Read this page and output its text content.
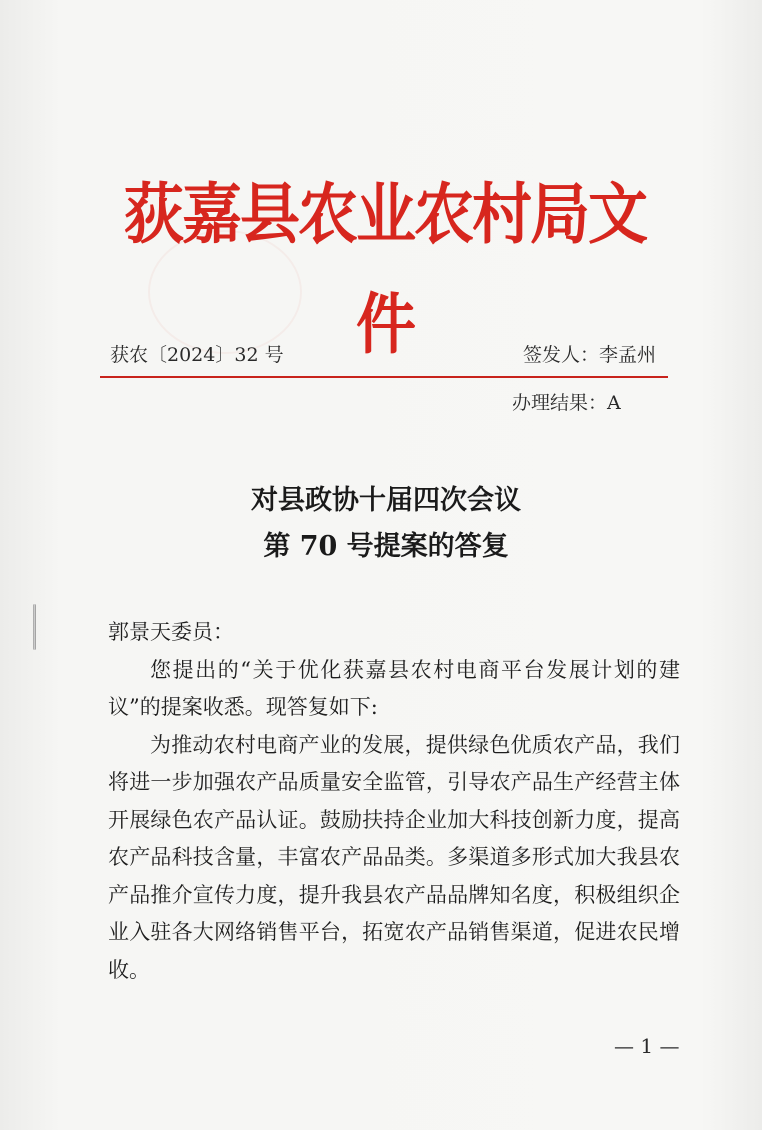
荻嘉县农业农村局文件
获农〔2024〕32 号	签发人：李孟州
办理结果：A
对县政协十届四次会议
第 70 号提案的答复

郭景天委员：

您提出的“关于优化获嘉县农村电商平台发展计划的建议”的提案收悉。现答复如下:

为推动农村电商产业的发展，提供绿色优质农产品，我们将进一步加强农产品质量安全监管，引导农产品生产经营主体开展绿色农产品认证。鼓励扶持企业加大科技创新力度，提高农产品科技含量，丰富农产品品类。多渠道多形式加大我县农产品推介宣传力度，提升我县农产品品牌知名度，积极组织企业入驻各大网络销售平台，拓宽农产品销售渠道，促进农民增收。

— 1 —
